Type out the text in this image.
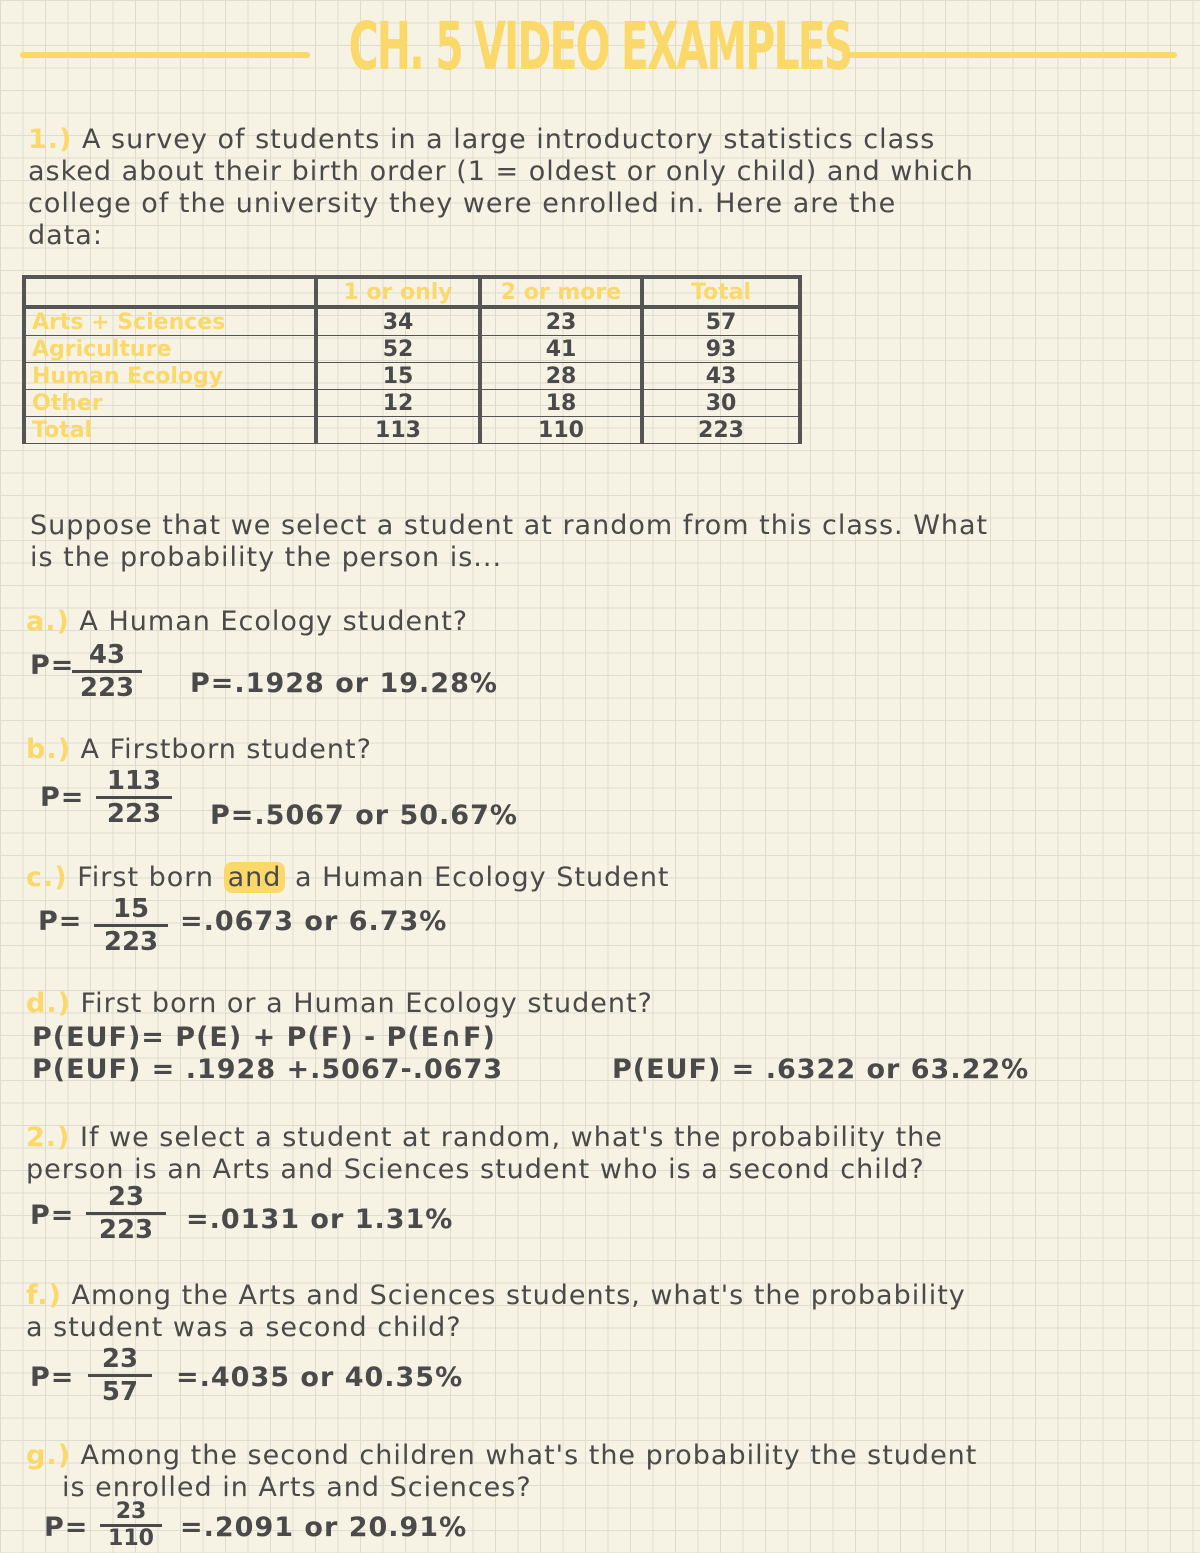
CH. 5 VIDEO EXAMPLES
1.) A survey of students in a large introductory statistics class
asked about their birth order (1 = oldest or only child) and which
college of the university they were enrolled in. Here are the
data:
	1 or only	2 or more	Total
Arts + Sciences	34	23	57
Agriculture	52	41	93
Human Ecology	15	28	43
Other	12	18	30
Total	113	110	223
Suppose that we select a student at random from this class. What
is the probability the person is...
a.) A Human Ecology student?
P=
$\frac{43}{223} P=.1928$ or 19.28%
b.) A Firstborn student?
$P= \frac{113}{223} P=.5067$ or 50.67%
c.) First born and a Human Ecology Student
$P= \frac{15}{223} =.0673$ or 6.73%
d.) First born or a Human Ecology student?
P(EUF)= P(E) + P(F) - P(E∩F)
P(EUF) = .1928 +.5067-.0673	P(EUF) = .6322 or 63.22%
2.) If we select a student at random, what's the probability the
person is an Arts and Sciences student who is a second child?
$P= \frac{23}{223} =.0131$ or 1.31%
f.) Among the Arts and Sciences students, what's the probability
a student was a second child?
$P= \frac{23}{57} =.4035$ or 40.35%
g.) Among the second children what's the probability the student
is enrolled in Arts and Sciences?
$P= \frac{23}{110} =.2091$ or 20.91%
